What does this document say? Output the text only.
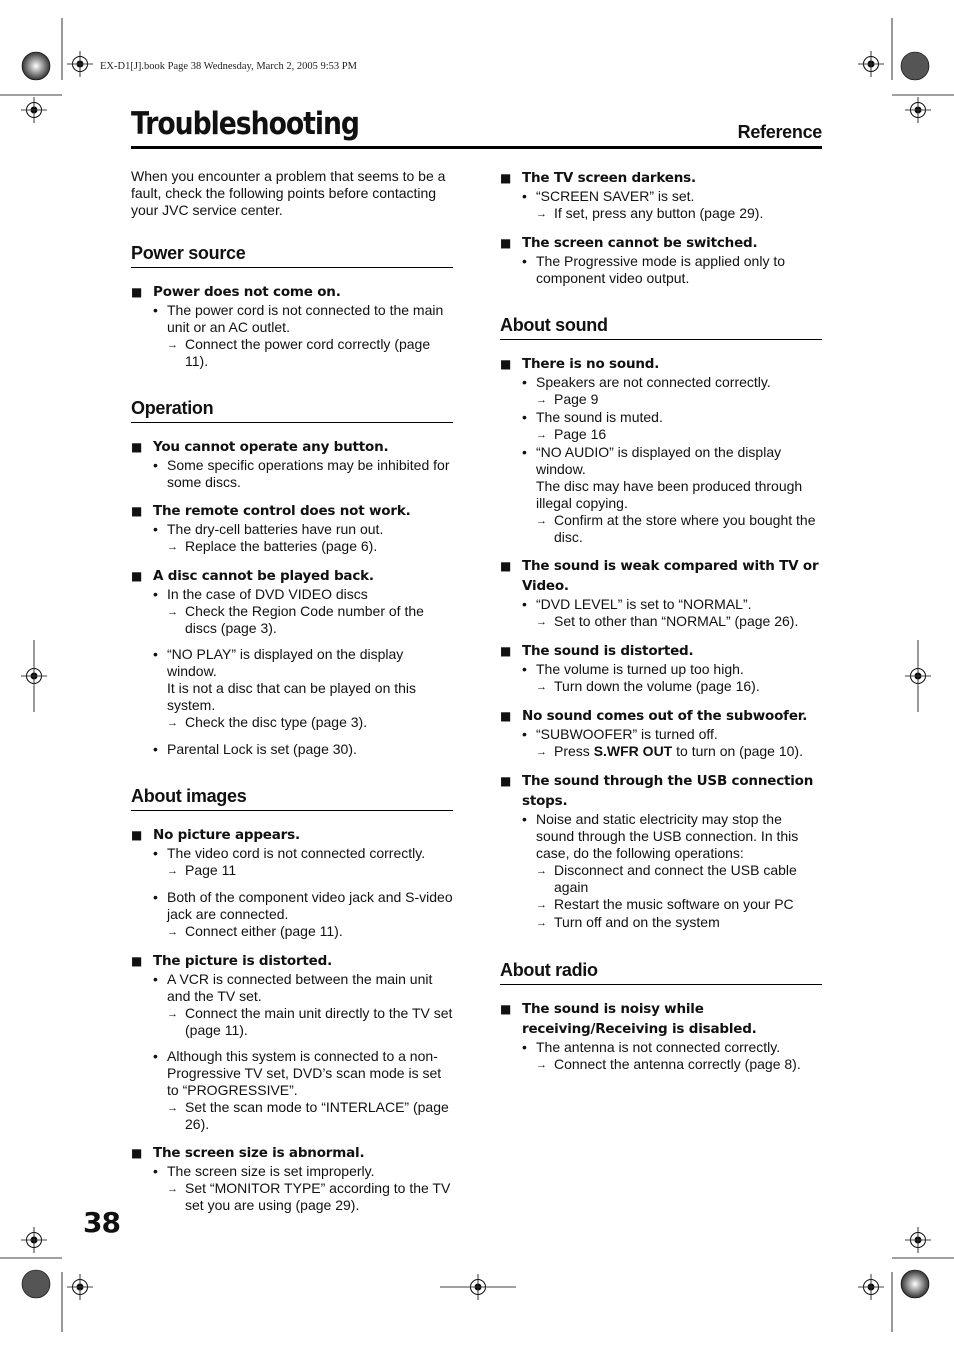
EX-D1[J].book Page 38 Wednesday, March 2, 2005 9:53 PM
Troubleshooting	Reference

When you encounter a problem that seems to be a fault, check the following points before contacting your JVC service center.

Power source
■ Power does not come on.
• The power cord is not connected to the main unit or an AC outlet.
→ Connect the power cord correctly (page 11).
Operation
■ You cannot operate any button.
• Some specific operations may be inhibited for some discs.
■ The remote control does not work.
• The dry-cell batteries have run out.
→ Replace the batteries (page 6).
■ A disc cannot be played back.
• In the case of DVD VIDEO discs
→ Check the Region Code number of the discs (page 3).
• “NO PLAY” is displayed on the display window.
It is not a disc that can be played on this system.
→ Check the disc type (page 3).
• Parental Lock is set (page 30).
About images
■ No picture appears.
• The video cord is not connected correctly.
→ Page 11
• Both of the component video jack and S-video jack are connected.
→ Connect either (page 11).
■ The picture is distorted.
• A VCR is connected between the main unit and the TV set.
→ Connect the main unit directly to the TV set (page 11).
• Although this system is connected to a non-Progressive TV set, DVD’s scan mode is set to “PROGRESSIVE”.
→ Set the scan mode to “INTERLACE” (page 26).
■ The screen size is abnormal.
• The screen size is set improperly.
→ Set “MONITOR TYPE” according to the TV set you are using (page 29).
■ The TV screen darkens.
• “SCREEN SAVER” is set.
→ If set, press any button (page 29).
■ The screen cannot be switched.
• The Progressive mode is applied only to component video output.
About sound
■ There is no sound.
• Speakers are not connected correctly.
→ Page 9
• The sound is muted.
→ Page 16
• “NO AUDIO” is displayed on the display window.
The disc may have been produced through illegal copying.
→ Confirm at the store where you bought the disc.
■ The sound is weak compared with TV or Video.
• “DVD LEVEL” is set to “NORMAL”.
→ Set to other than “NORMAL” (page 26).
■ The sound is distorted.
• The volume is turned up too high.
→ Turn down the volume (page 16).
■ No sound comes out of the subwoofer.
• “SUBWOOFER” is turned off.
→ Press S.WFR OUT to turn on (page 10).
■ The sound through the USB connection stops.
• Noise and static electricity may stop the sound through the USB connection. In this case, do the following operations:
→ Disconnect and connect the USB cable again
→ Restart the music software on your PC
→ Turn off and on the system
About radio
■ The sound is noisy while receiving/Receiving is disabled.
• The antenna is not connected correctly.
→ Connect the antenna correctly (page 8).
38
